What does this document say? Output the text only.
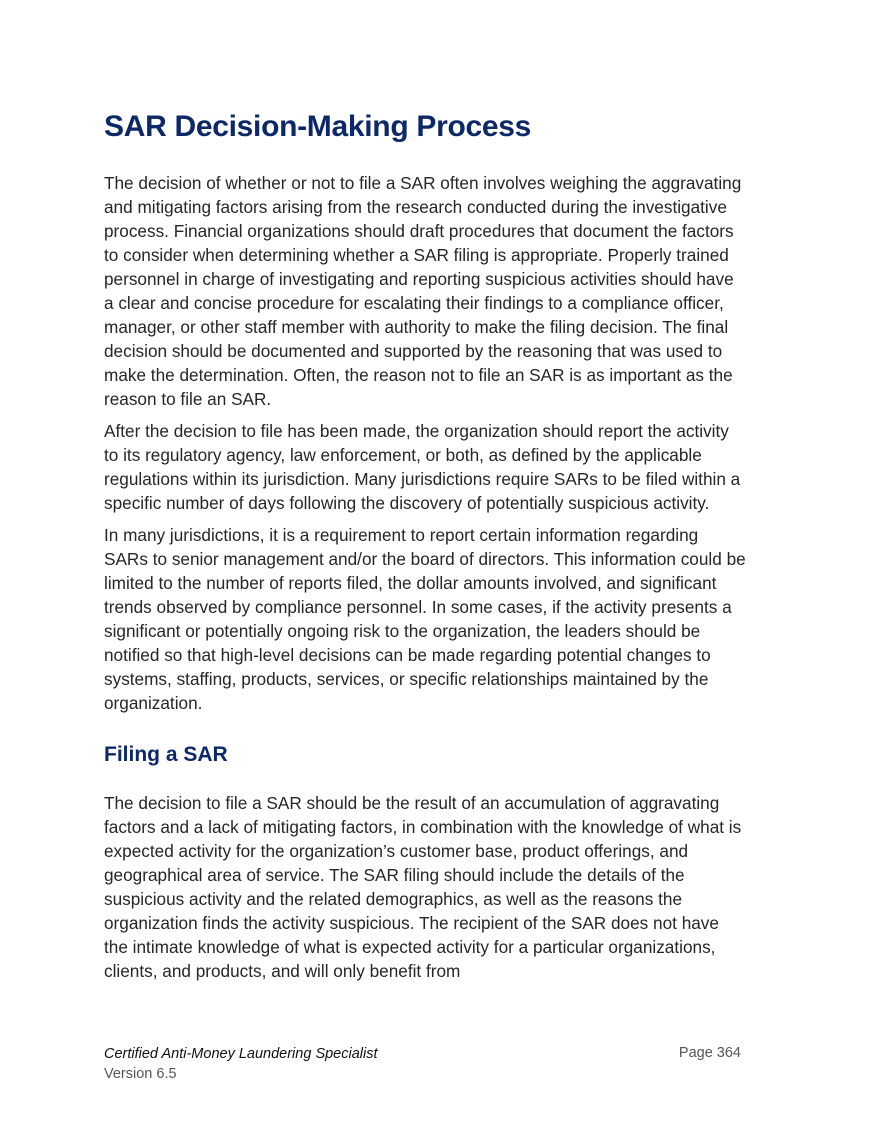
SAR Decision-Making Process

The decision of whether or not to file a SAR often involves weighing the aggravating and mitigating factors arising from the research conducted during the investigative process. Financial organizations should draft procedures that document the factors to consider when determining whether a SAR filing is appropriate. Properly trained personnel in charge of investigating and reporting suspicious activities should have a clear and concise procedure for escalating their findings to a compliance officer, manager, or other staff member with authority to make the filing decision. The final decision should be documented and supported by the reasoning that was used to make the determination. Often, the reason not to file an SAR is as important as the reason to file an SAR.

After the decision to file has been made, the organization should report the activity to its regulatory agency, law enforcement, or both, as defined by the applicable regulations within its jurisdiction. Many jurisdictions require SARs to be filed within a specific number of days following the discovery of potentially suspicious activity.

In many jurisdictions, it is a requirement to report certain information regarding SARs to senior management and/or the board of directors. This information could be limited to the number of reports filed, the dollar amounts involved, and significant trends observed by compliance personnel. In some cases, if the activity presents a significant or potentially ongoing risk to the organization, the leaders should be notified so that high-level decisions can be made regarding potential changes to systems, staffing, products, services, or specific relationships maintained by the organization.

Filing a SAR

The decision to file a SAR should be the result of an accumulation of aggravating factors and a lack of mitigating factors, in combination with the knowledge of what is expected activity for the organization’s customer base, product offerings, and geographical area of service. The SAR filing should include the details of the suspicious activity and the related demographics, as well as the reasons the organization finds the activity suspicious. The recipient of the SAR does not have the intimate knowledge of what is expected activity for a particular organizations, clients, and products, and will only benefit from

Certified Anti-Money Laundering Specialist
Version 6.5
Page 364
